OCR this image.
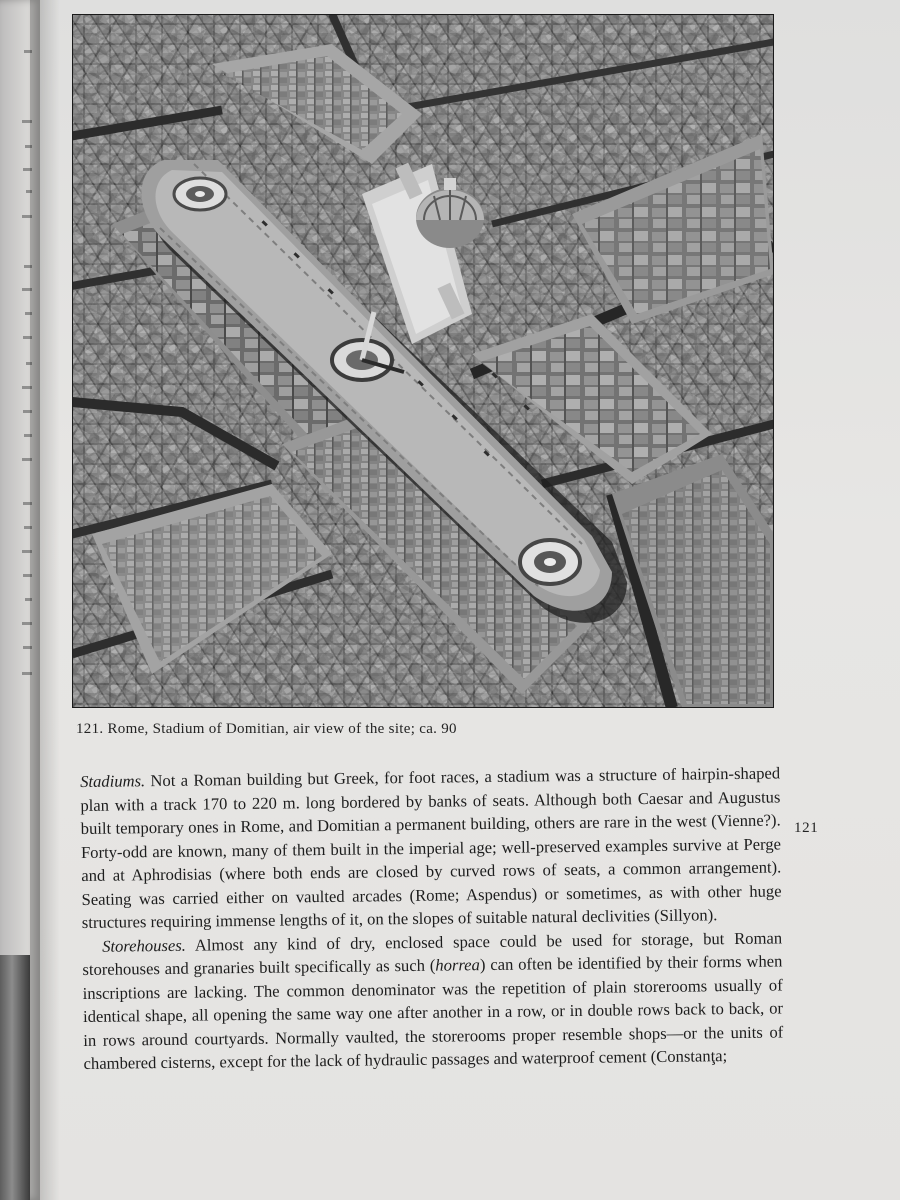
121. Rome, Stadium of Domitian, air view of the site; ca. 90
121

Stadiums. Not a Roman building but Greek, for foot races, a stadium was a structure of hairpin-shaped plan with a track 170 to 220 m. long bordered by banks of seats. Although both Caesar and Augustus built temporary ones in Rome, and Domitian a permanent building, others are rare in the west (Vienne?). Forty-odd are known, many of them built in the imperial age; well-preserved examples survive at Perge and at Aphrodisias (where both ends are closed by curved rows of seats, a common arrangement). Seating was carried either on vaulted arcades (Rome; Aspendus) or sometimes, as with other huge structures requiring immense lengths of it, on the slopes of suitable natural declivities (Sillyon).

Storehouses. Almost any kind of dry, enclosed space could be used for storage, but Roman storehouses and granaries built specifically as such (horrea) can often be identified by their forms when inscriptions are lacking. The common denominator was the repetition of plain storerooms usually of identical shape, all opening the same way one after another in a row, or in double rows back to back, or in rows around courtyards. Normally vaulted, the storerooms proper resemble shops—or the units of chambered cisterns, except for the lack of hydraulic passages and waterproof cement (Constanţa;
